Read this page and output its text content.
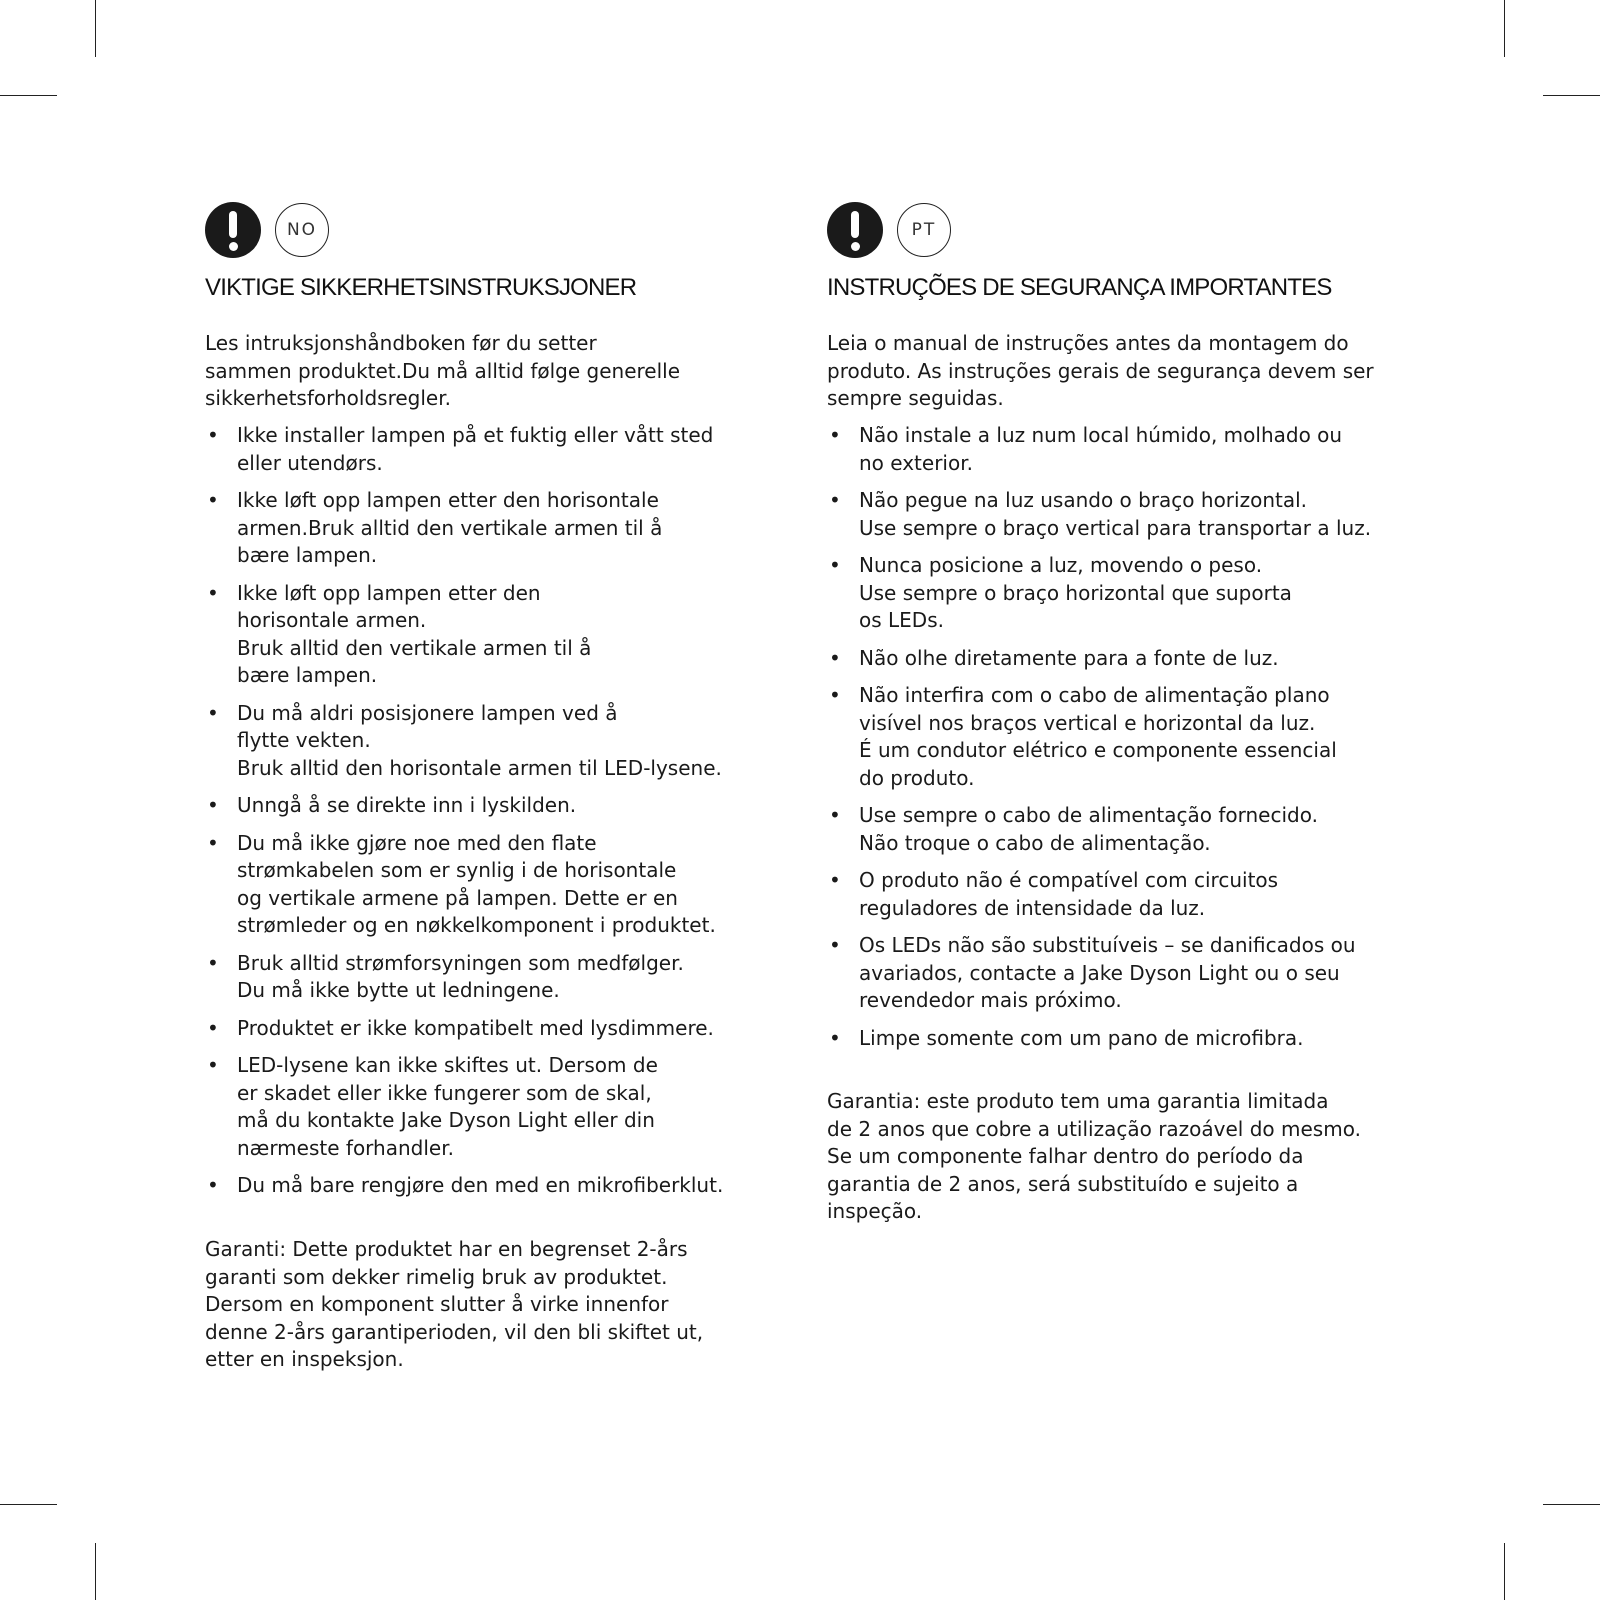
NO
VIKTIGE SIKKERHETSINSTRUKSJONER

Les intruksjonshåndboken før du setter
sammen produktet.Du må alltid følge generelle
sikkerhetsforholdsregler.

• Ikke installer lampen på et fuktig eller vått sted
eller utendørs.
• Ikke løft opp lampen etter den horisontale
armen.Bruk alltid den vertikale armen til å
bære lampen.
• Ikke løft opp lampen etter den
horisontale armen.
Bruk alltid den vertikale armen til å
bære lampen.
• Du må aldri posisjonere lampen ved å
flytte vekten.
Bruk alltid den horisontale armen til LED-lysene.
• Unngå å se direkte inn i lyskilden.
• Du må ikke gjøre noe med den flate
strømkabelen som er synlig i de horisontale
og vertikale armene på lampen. Dette er en
strømleder og en nøkkelkomponent i produktet.
• Bruk alltid strømforsyningen som medfølger.
Du må ikke bytte ut ledningene.
• Produktet er ikke kompatibelt med lysdimmere.
• LED-lysene kan ikke skiftes ut. Dersom de
er skadet eller ikke fungerer som de skal,
må du kontakte Jake Dyson Light eller din
nærmeste forhandler.
• Du må bare rengjøre den med en mikrofiberklut.

Garanti: Dette produktet har en begrenset 2-års
garanti som dekker rimelig bruk av produktet.
Dersom en komponent slutter å virke innenfor
denne 2-års garantiperioden, vil den bli skiftet ut,
etter en inspeksjon.

PT
INSTRUÇÕES DE SEGURANÇA IMPORTANTES

Leia o manual de instruções antes da montagem do
produto. As instruções gerais de segurança devem ser
sempre seguidas.

• Não instale a luz num local húmido, molhado ou
no exterior.
• Não pegue na luz usando o braço horizontal.
Use sempre o braço vertical para transportar a luz.
• Nunca posicione a luz, movendo o peso.
Use sempre o braço horizontal que suporta
os LEDs.
• Não olhe diretamente para a fonte de luz.
• Não interfira com o cabo de alimentação plano
visível nos braços vertical e horizontal da luz.
É um condutor elétrico e componente essencial
do produto.
• Use sempre o cabo de alimentação fornecido.
Não troque o cabo de alimentação.
• O produto não é compatível com circuitos
reguladores de intensidade da luz.
• Os LEDs não são substituíveis – se danificados ou
avariados, contacte a Jake Dyson Light ou o seu
revendedor mais próximo.
• Limpe somente com um pano de microfibra.

Garantia: este produto tem uma garantia limitada
de 2 anos que cobre a utilização razoável do mesmo.
Se um componente falhar dentro do período da
garantia de 2 anos, será substituído e sujeito a
inspeção.
